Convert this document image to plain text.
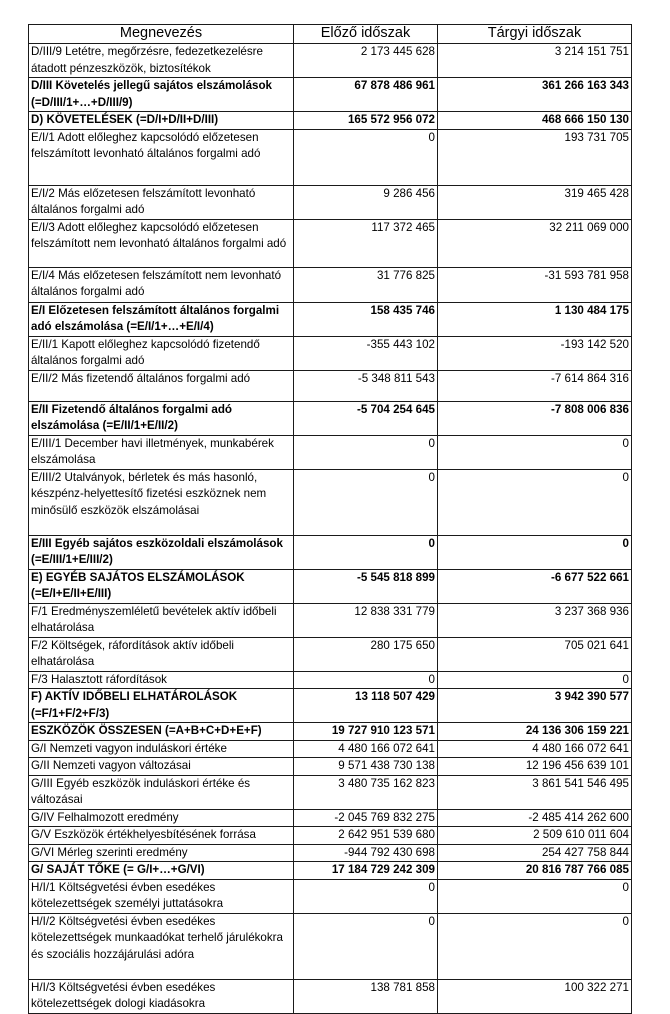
Megnevezés	Előző időszak	Tárgyi időszak
D/III/9 Letétre, megőrzésre, fedezetkezelésre átadott pénzeszközök, biztosítékok	2 173 445 628	3 214 151 751
D/III Követelés jellegű sajátos elszámolások (=D/III/1+…+D/III/9)	67 878 486 961	361 266 163 343
D) KÖVETELÉSEK (=D/I+D/II+D/III)	165 572 956 072	468 666 150 130
E/I/1 Adott előleghez kapcsolódó előzetesen felszámított levonható általános forgalmi adó	0	193 731 705
E/I/2 Más előzetesen felszámított levonható általános forgalmi adó	9 286 456	319 465 428
E/I/3 Adott előleghez kapcsolódó előzetesen felszámított nem levonható általános forgalmi adó	117 372 465	32 211 069 000
E/I/4 Más előzetesen felszámított nem levonható általános forgalmi adó	31 776 825	-31 593 781 958
E/I Előzetesen felszámított általános forgalmi adó elszámolása (=E/I/1+…+E/I/4)	158 435 746	1 130 484 175
E/II/1 Kapott előleghez kapcsolódó fizetendő általános forgalmi adó	-355 443 102	-193 142 520
E/II/2 Más fizetendő általános forgalmi adó	-5 348 811 543	-7 614 864 316
E/II Fizetendő általános forgalmi adó elszámolása (=E/II/1+E/II/2)	-5 704 254 645	-7 808 006 836
E/III/1 December havi illetmények, munkabérek elszámolása	0	0
E/III/2 Utalványok, bérletek és más hasonló, készpénz-helyettesítő fizetési eszköznek nem minősülő eszközök elszámolásai	0	0
E/III Egyéb sajátos eszközoldali elszámolások (=E/III/1+E/III/2)	0	0
E) EGYÉB SAJÁTOS ELSZÁMOLÁSOK (=E/I+E/II+E/III)	-5 545 818 899	-6 677 522 661
F/1 Eredményszemléletű bevételek aktív időbeli elhatárolása	12 838 331 779	3 237 368 936
F/2 Költségek, ráfordítások aktív időbeli elhatárolása	280 175 650	705 021 641
F/3 Halasztott ráfordítások	0	0
F) AKTÍV IDŐBELI ELHATÁROLÁSOK (=F/1+F/2+F/3)	13 118 507 429	3 942 390 577
ESZKÖZÖK ÖSSZESEN (=A+B+C+D+E+F)	19 727 910 123 571	24 136 306 159 221
G/I Nemzeti vagyon induláskori értéke	4 480 166 072 641	4 480 166 072 641
G/II Nemzeti vagyon változásai	9 571 438 730 138	12 196 456 639 101
G/III Egyéb eszközök induláskori értéke és változásai	3 480 735 162 823	3 861 541 546 495
G/IV Felhalmozott eredmény	-2 045 769 832 275	-2 485 414 262 600
G/V Eszközök értékhelyesbítésének forrása	2 642 951 539 680	2 509 610 011 604
G/VI Mérleg szerinti eredmény	-944 792 430 698	254 427 758 844
G/ SAJÁT TŐKE (= G/I+…+G/VI)	17 184 729 242 309	20 816 787 766 085
H/I/1 Költségvetési évben esedékes kötelezettségek személyi juttatásokra	0	0
H/I/2 Költségvetési évben esedékes kötelezettségek munkaadókat terhelő járulékokra és szociális hozzájárulási adóra	0	0
H/I/3 Költségvetési évben esedékes kötelezettségek dologi kiadásokra	138 781 858	100 322 271
